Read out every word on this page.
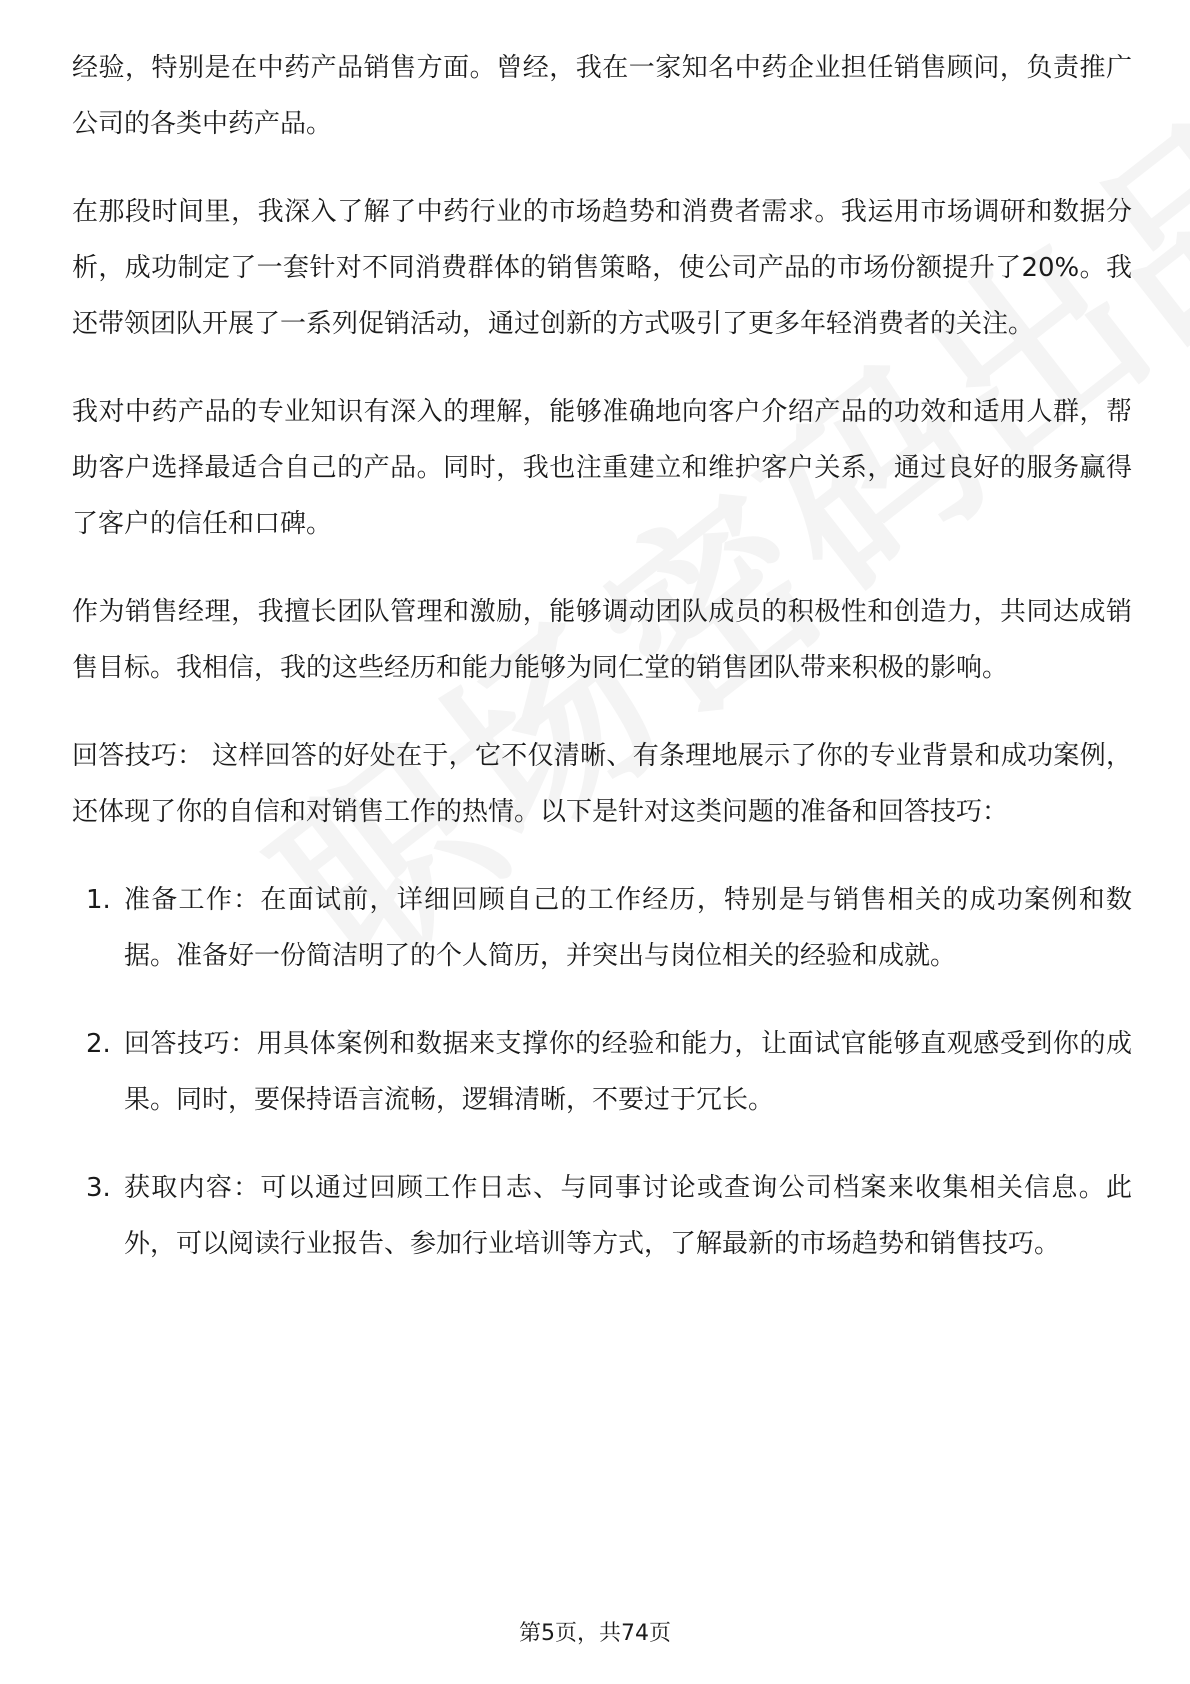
经验，特别是在中药产品销售方面。曾经，我在一家知名中药企业担任销售顾问，负责推广公司的各类中药产品。

在那段时间里，我深入了解了中药行业的市场趋势和消费者需求。我运用市场调研和数据分析，成功制定了一套针对不同消费群体的销售策略，使公司产品的市场份额提升了20%。我还带领团队开展了一系列促销活动，通过创新的方式吸引了更多年轻消费者的关注。

我对中药产品的专业知识有深入的理解，能够准确地向客户介绍产品的功效和适用人群，帮助客户选择最适合自己的产品。同时，我也注重建立和维护客户关系，通过良好的服务赢得了客户的信任和口碑。

作为销售经理，我擅长团队管理和激励，能够调动团队成员的积极性和创造力，共同达成销售目标。我相信，我的这些经历和能力能够为同仁堂的销售团队带来积极的影响。

回答技巧： 这样回答的好处在于，它不仅清晰、有条理地展示了你的专业背景和成功案例，还体现了你的自信和对销售工作的热情。以下是针对这类问题的准备和回答技巧：

1. 准备工作：在面试前，详细回顾自己的工作经历，特别是与销售相关的成功案例和数据。准备好一份简洁明了的个人简历，并突出与岗位相关的经验和成就。
2. 回答技巧：用具体案例和数据来支撑你的经验和能力，让面试官能够直观感受到你的成果。同时，要保持语言流畅，逻辑清晰，不要过于冗长。
3. 获取内容：可以通过回顾工作日志、与同事讨论或查询公司档案来收集相关信息。此外，可以阅读行业报告、参加行业培训等方式，了解最新的市场趋势和销售技巧。
第5页，共74页
